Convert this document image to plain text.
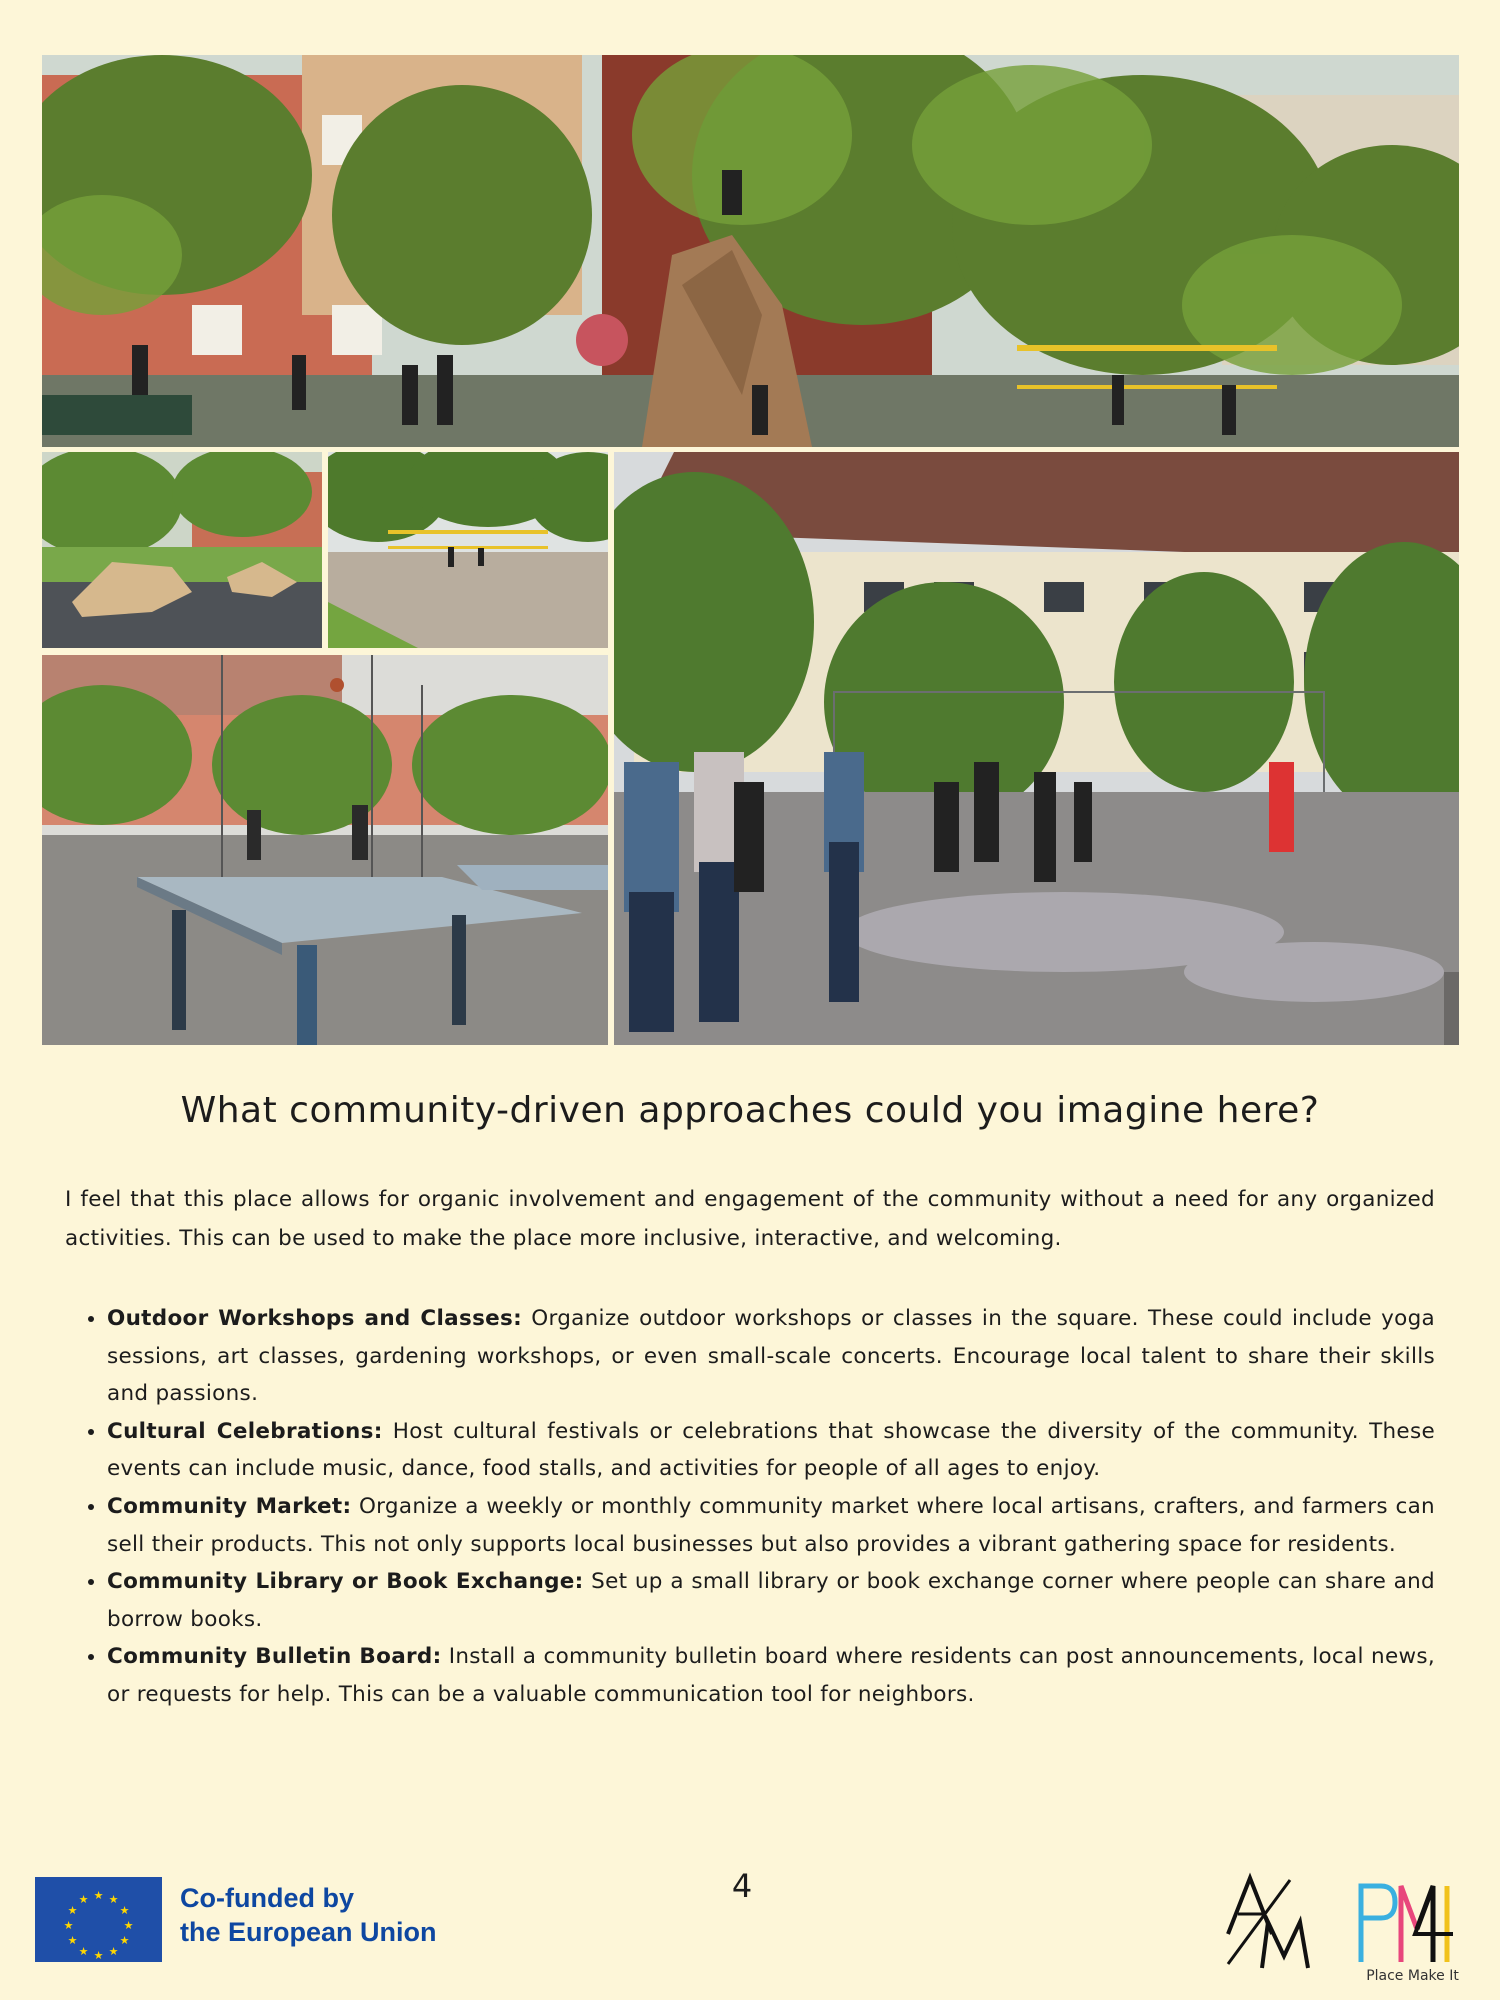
What community-driven approaches could you imagine here?

I feel that this place allows for organic involvement and engagement of the community without a need for any organized activities. This can be used to make the place more inclusive, interactive, and welcoming.

• Outdoor Workshops and Classes: Organize outdoor workshops or classes in the square. These could include yoga sessions, art classes, gardening workshops, or even small-scale concerts. Encourage local talent to share their skills and passions.
• Cultural Celebrations: Host cultural festivals or celebrations that showcase the diversity of the community. These events can include music, dance, food stalls, and activities for people of all ages to enjoy.
• Community Market: Organize a weekly or monthly community market where local artisans, crafters, and farmers can sell their products. This not only supports local businesses but also provides a vibrant gathering space for residents.
• Community Library or Book Exchange: Set up a small library or book exchange corner where people can share and borrow books.
• Community Bulletin Board: Install a community bulletin board where residents can post announcements, local news, or requests for help. This can be a valuable communication tool for neighbors.
4
★ ★
★
★
★
★
★
★
★
★
★
★	Co-funded by
the European Union
Place Make It
